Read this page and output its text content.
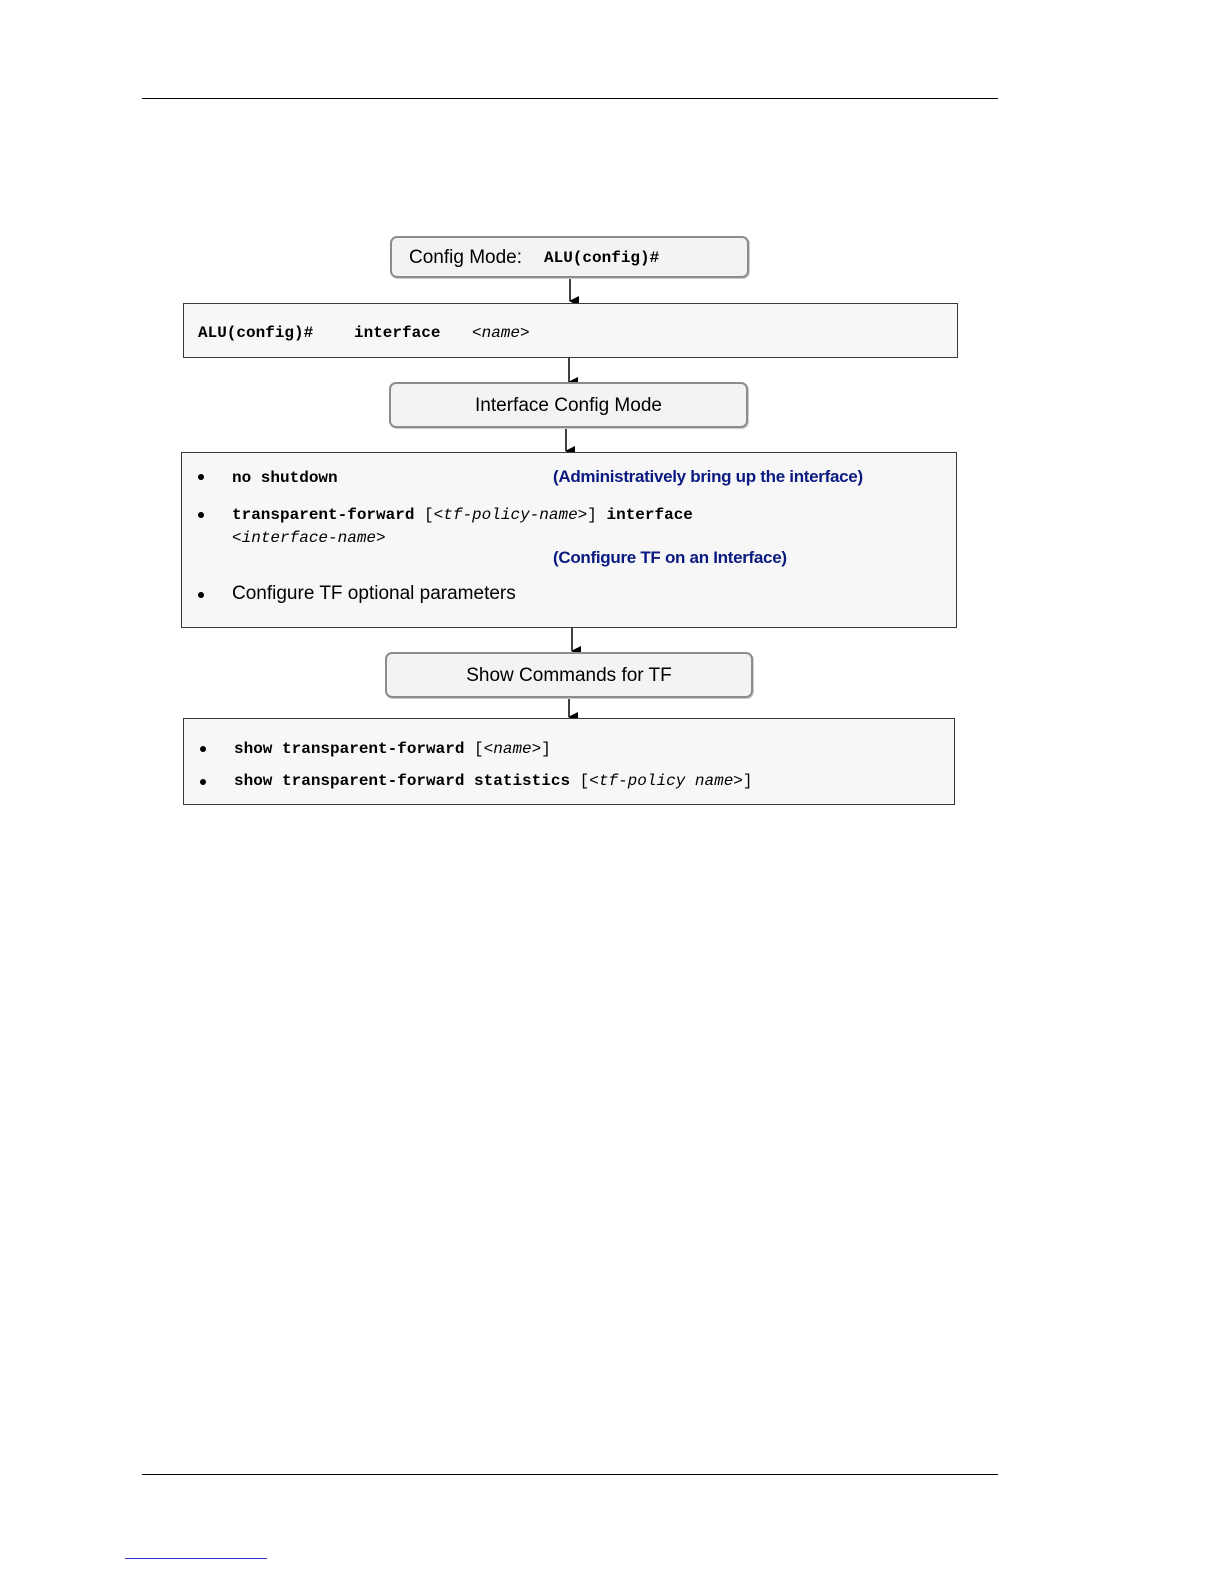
Config Mode: ALU(config)#
ALU(config)#	interface <name>
Interface Config Mode
no shutdown	(Administratively bring up the interface)
transparent-forward [<tf-policy-name>] interface
<interface-name>
(Configure TF on an Interface)
Configure TF optional parameters
Show Commands for TF
show transparent-forward [<name>]
show transparent-forward statistics [<tf-policy name>]
